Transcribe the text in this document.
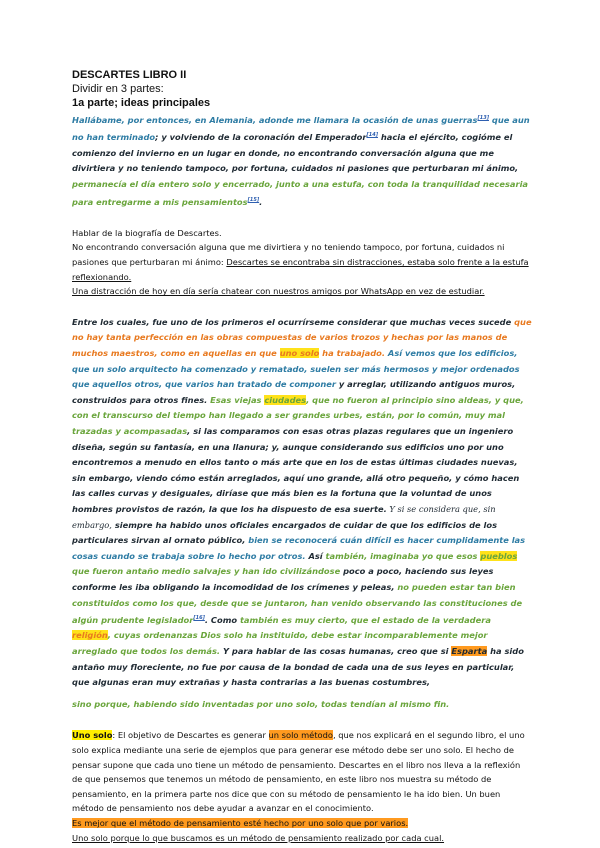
DESCARTES LIBRO II

Dividir en 3 partes:

1a parte; ideas principales

Hallábame, por entonces, en Alemania, adonde me llamara la ocasión de unas guerras[13] que aun no han terminado; y volviendo de la coronación del Emperador[14] hacia el ejército, cogióme el comienzo del invierno en un lugar en donde, no encontrando conversación alguna que me divirtiera y no teniendo tampoco, por fortuna, cuidados ni pasiones que perturbaran mi ánimo, permanecía el día entero solo y encerrado, junto a una estufa, con toda la tranquilidad necesaria para entregarme a mis pensamientos[15].

Hablar de la biografía de Descartes.

No encontrando conversación alguna que me divirtiera y no teniendo tampoco, por fortuna, cuidados ni pasiones que perturbaran mi ánimo: Descartes se encontraba sin distracciones, estaba solo frente a la estufa reflexionando.

Una distracción de hoy en día sería chatear con nuestros amigos por WhatsApp en vez de estudiar.

Entre los cuales, fue uno de los primeros el ocurrírseme considerar que muchas veces sucede que no hay tanta perfección en las obras compuestas de varios trozos y hechas por las manos de muchos maestros, como en aquellas en que uno solo ha trabajado. Así vemos que los edificios, que un solo arquitecto ha comenzado y rematado, suelen ser más hermosos y mejor ordenados que aquellos otros, que varios han tratado de componer y arreglar, utilizando antiguos muros, construidos para otros fines. Esas viejas ciudades, que no fueron al principio sino aldeas, y que, con el transcurso del tiempo han llegado a ser grandes urbes, están, por lo común, muy mal trazadas y acompasadas, si las comparamos con esas otras plazas regulares que un ingeniero diseña, según su fantasía, en una llanura; y, aunque considerando sus edificios uno por uno encontremos a menudo en ellos tanto o más arte que en los de estas últimas ciudades nuevas, sin embargo, viendo cómo están arreglados, aquí uno grande, allá otro pequeño, y cómo hacen las calles curvas y desiguales, diríase que más bien es la fortuna que la voluntad de unos hombres provistos de razón, la que los ha dispuesto de esa suerte. Y si se considera que, sin embargo, siempre ha habido unos oficiales encargados de cuidar de que los edificios de los particulares sirvan al ornato público, bien se reconocerá cuán difícil es hacer cumplidamente las cosas cuando se trabaja sobre lo hecho por otros. Así también, imaginaba yo que esos pueblos que fueron antaño medio salvajes y han ido civilizándose poco a poco, haciendo sus leyes conforme les iba obligando la incomodidad de los crímenes y peleas, no pueden estar tan bien constituidos como los que, desde que se juntaron, han venido observando las constituciones de algún prudente legislador[16]. Como también es muy cierto, que el estado de la verdadera religión, cuyas ordenanzas Dios solo ha instituido, debe estar incomparablemente mejor arreglado que todos los demás. Y para hablar de las cosas humanas, creo que si Esparta ha sido antaño muy floreciente, no fue por causa de la bondad de cada una de sus leyes en particular, que algunas eran muy extrañas y hasta contrarias a las buenas costumbres,

sino porque, habiendo sido inventadas por uno solo, todas tendían al mismo fin.

Uno solo: El objetivo de Descartes es generar un solo método, que nos explicará en el segundo libro, el uno solo explica mediante una serie de ejemplos que para generar ese método debe ser uno solo. El hecho de pensar supone que cada uno tiene un método de pensamiento. Descartes en el libro nos lleva a la reflexión de que pensemos que tenemos un método de pensamiento, en este libro nos muestra su método de pensamiento, en la primera parte nos dice que con su método de pensamiento le ha ido bien. Un buen método de pensamiento nos debe ayudar a avanzar en el conocimiento.

Es mejor que el método de pensamiento esté hecho por uno solo que por varios.

Uno solo porque lo que buscamos es un método de pensamiento realizado por cada cual.
